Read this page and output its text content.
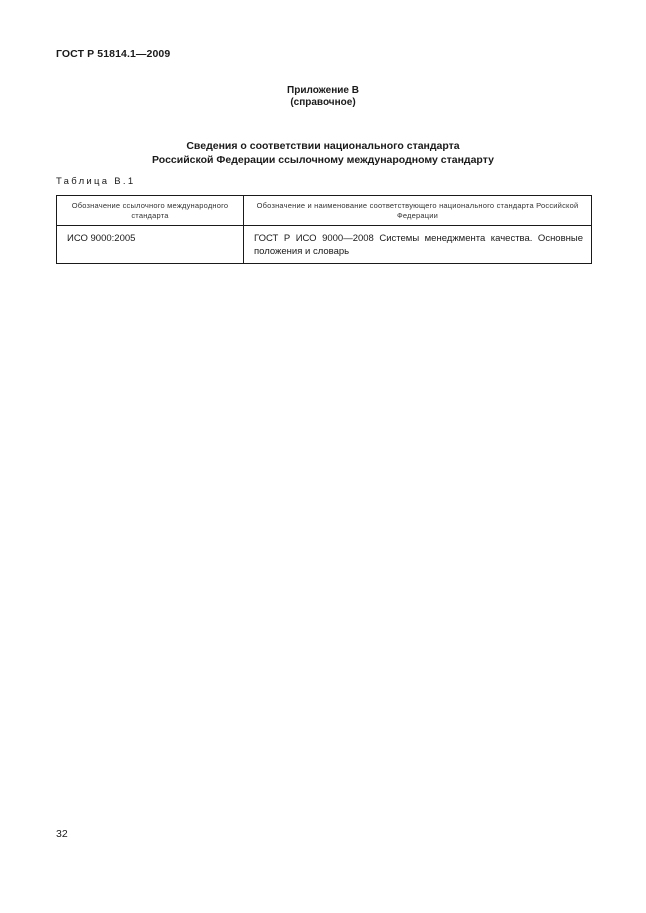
ГОСТ Р 51814.1—2009
Приложение В
(справочное)
Сведения о соответствии национального стандарта
Российской Федерации ссылочному международному стандарту
Таблица В.1
Обозначение ссылочного международного стандарта	Обозначение и наименование соответствующего национального стандарта Российской Федерации
ИСО 9000:2005	ГОСТ Р ИСО 9000—2008 Системы менеджмента качества. Основные положения и словарь
32
